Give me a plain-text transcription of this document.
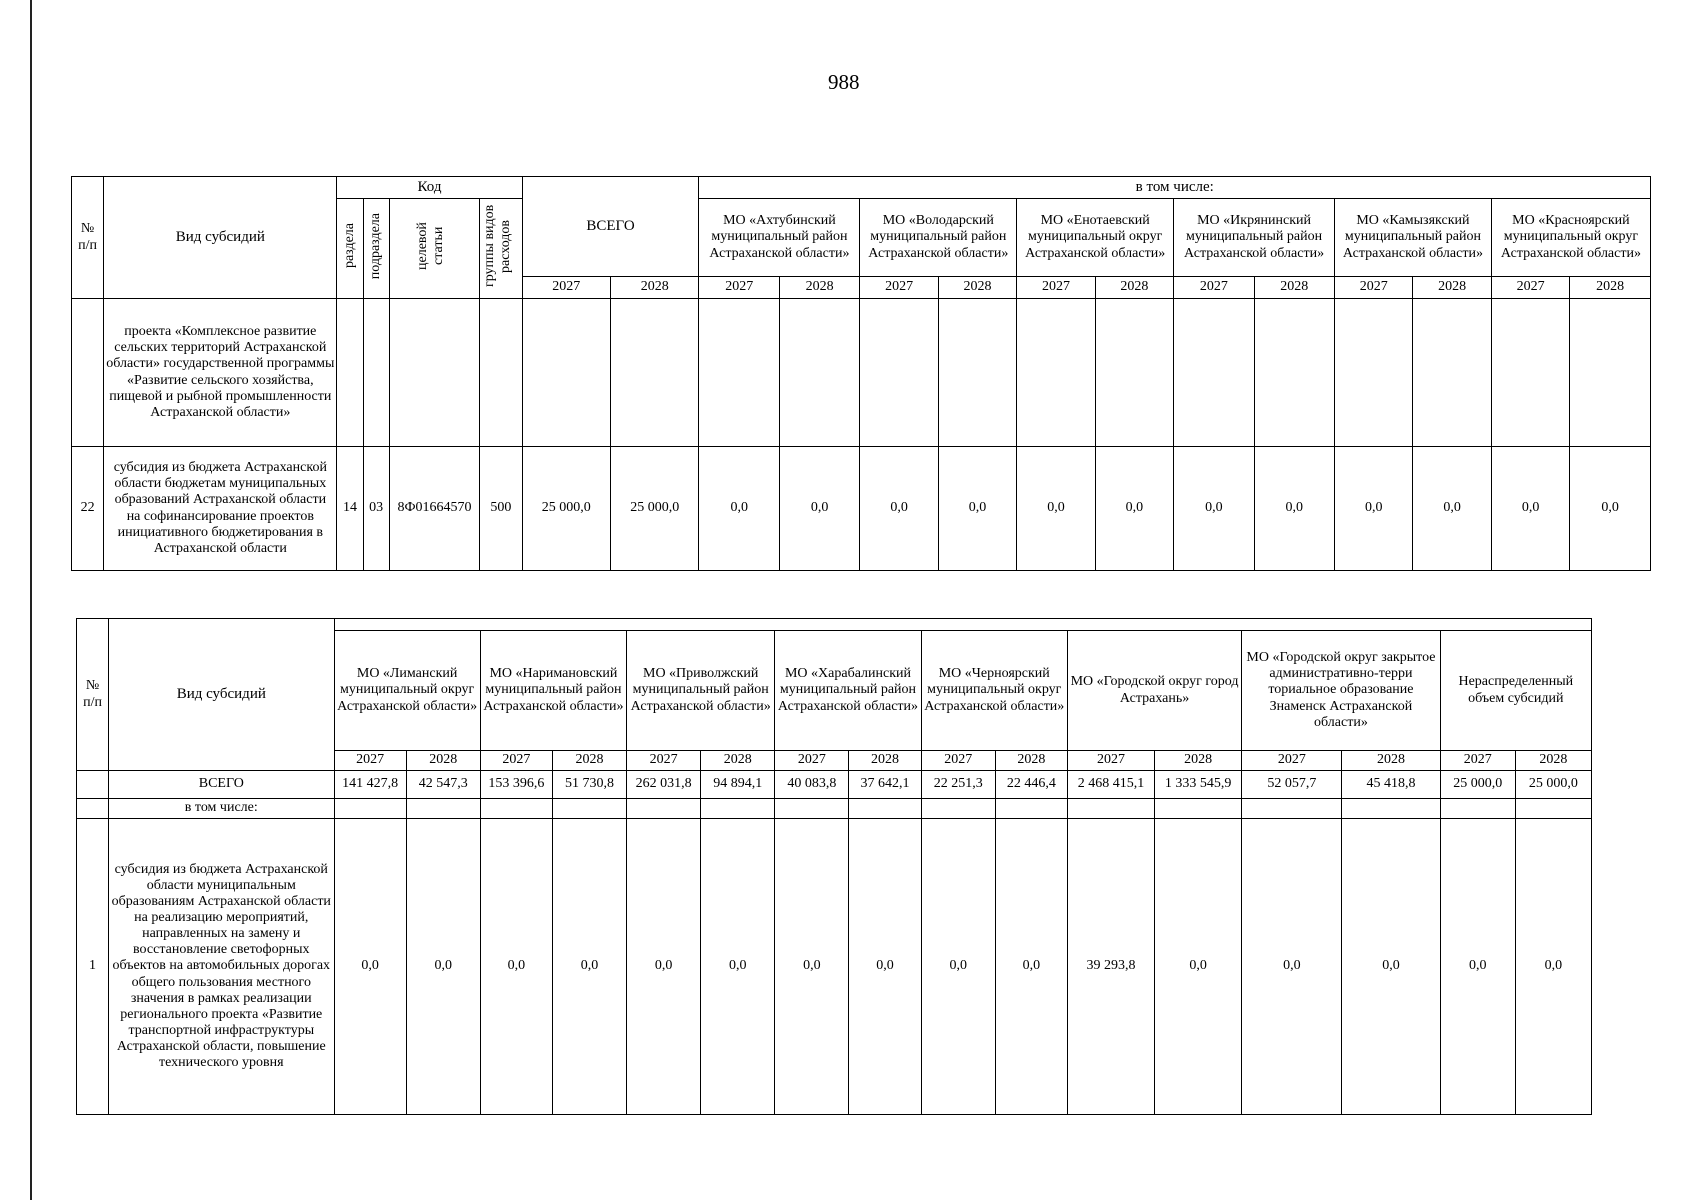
988
№ п/п	Вид субсидий	Код				ВСЕГО		в том числе:											
		раздела	подраздела	целевой статьи	группы видов расходов			МО «Ахтубинский муниципальный район Астраханской области»		МО «Володарский муниципальный район Астраханской области»		МО «Енотаевский муниципальный округ Астраханской области»		МО «Икрянинский муниципальный район Астраханской области»		МО «Камызякский муниципальный район Астраханской области»		МО «Красноярский муниципальный округ Астраханской области»	
						2027	2028	2027	2028	2027	2028	2027	2028	2027	2028	2027	2028	2027	2028
	проекта «Комплексное развитие сельских территорий Астраханской области» государственной программы «Развитие сельского хозяйства, пищевой и рыбной промышленности Астраханской области»																		
22	субсидия из бюджета Астраханской области бюджетам муниципальных образований Астраханской области на софинансирование проектов инициативного бюджетирования в Астраханской области	14	03	8Ф01664570	500	25 000,0	25 000,0	0,0	0,0	0,0	0,0	0,0	0,0	0,0	0,0	0,0	0,0	0,0	0,0
№ п/п	Вид субсидий																
		МО «Лиманский муниципальный округ Астраханской области»		МО «Наримановский муниципальный район Астраханской области»		МО «Приволжский муниципальный район Астраханской области»		МО «Харабалинский муниципальный район Астраханской области»		МО «Черноярский муниципальный округ Астраханской области»		МО «Городской округ город Астрахань»		МО «Городской округ закрытое административно-терри ториальное образование Знаменск Астраханской области»		Нераспределенный объем субсидий	
		2027	2028	2027	2028	2027	2028	2027	2028	2027	2028	2027	2028	2027	2028	2027	2028
	ВСЕГО	141 427,8	42 547,3	153 396,6	51 730,8	262 031,8	94 894,1	40 083,8	37 642,1	22 251,3	22 446,4	2 468 415,1	1 333 545,9	52 057,7	45 418,8	25 000,0	25 000,0
	в том числе:																
1	субсидия из бюджета Астраханской области муниципальным образованиям Астраханской области на реализацию мероприятий, направленных на замену и восстановление светофорных объектов на автомобильных дорогах общего пользования местного значения в рамках реализации регионального проекта «Развитие транспортной инфраструктуры Астраханской области, повышение технического уровня	0,0	0,0	0,0	0,0	0,0	0,0	0,0	0,0	0,0	0,0	39 293,8	0,0	0,0	0,0	0,0	0,0
